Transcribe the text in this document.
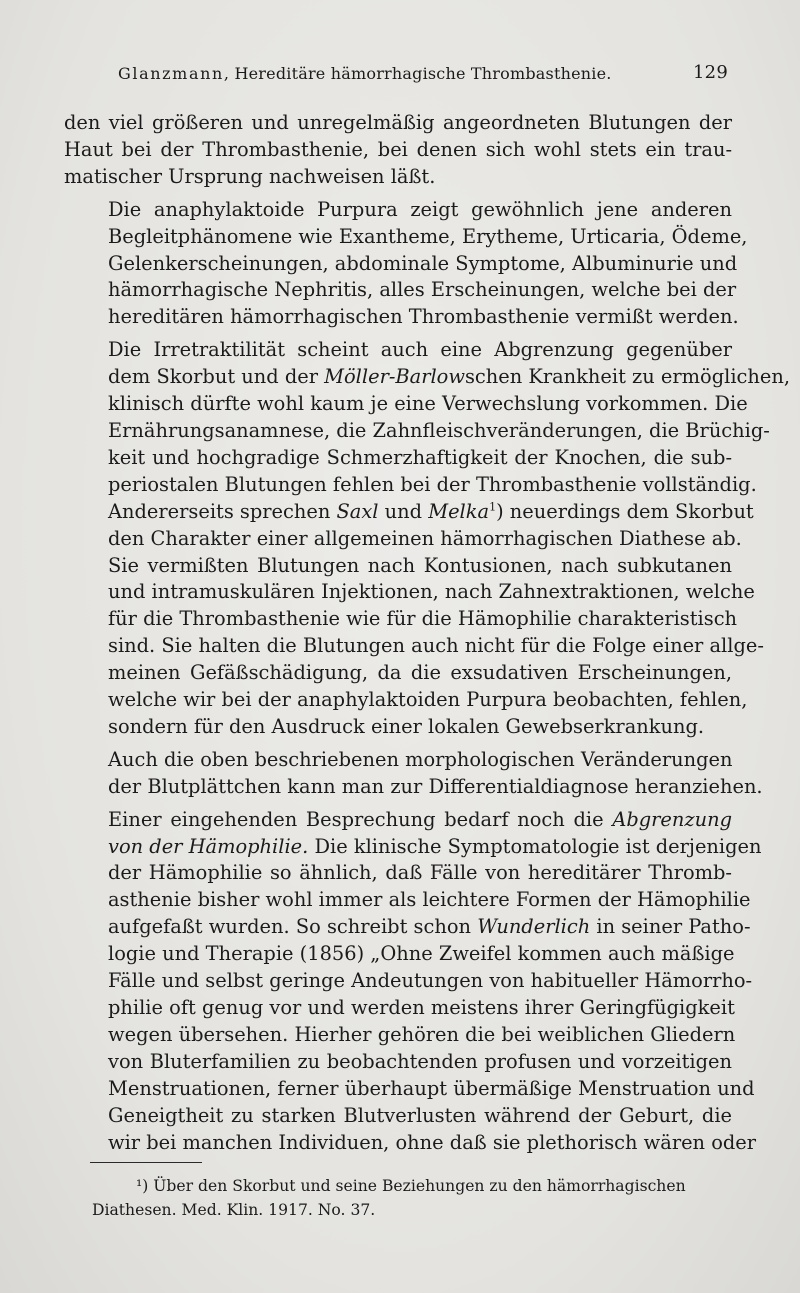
Glanzmann, Hereditäre hämorrhagische Thrombasthenie.	129
den viel größeren und unregelmäßig angeordneten Blutungen der
Haut bei der Thrombasthenie, bei denen sich wohl stets ein trau-
matischer Ursprung nachweisen läßt.
Die anaphylaktoide Purpura zeigt gewöhnlich jene anderen
Begleitphänomene wie Exantheme, Erytheme, Urticaria, Ödeme,
Gelenkerscheinungen, abdominale Symptome, Albuminurie und
hämorrhagische Nephritis, alles Erscheinungen, welche bei der
hereditären hämorrhagischen Thrombasthenie vermißt werden.
Die Irretraktilität scheint auch eine Abgrenzung gegenüber
dem Skorbut und der Möller-Barlowschen Krankheit zu ermöglichen,
klinisch dürfte wohl kaum je eine Verwechslung vorkommen. Die
Ernährungsanamnese, die Zahnfleischveränderungen, die Brüchig-
keit und hochgradige Schmerzhaftigkeit der Knochen, die sub-
periostalen Blutungen fehlen bei der Thrombasthenie vollständig.
Andererseits sprechen Saxl und Melka$^1$) neuerdings dem Skorbut
den Charakter einer allgemeinen hämorrhagischen Diathese ab.
Sie vermißten Blutungen nach Kontusionen, nach subkutanen
und intramuskulären Injektionen, nach Zahnextraktionen, welche
für die Thrombasthenie wie für die Hämophilie charakteristisch
sind. Sie halten die Blutungen auch nicht für die Folge einer allge-
meinen Gefäßschädigung, da die exsudativen Erscheinungen,
welche wir bei der anaphylaktoiden Purpura beobachten, fehlen,
sondern für den Ausdruck einer lokalen Gewebserkrankung.
Auch die oben beschriebenen morphologischen Veränderungen
der Blutplättchen kann man zur Differentialdiagnose heranziehen.
Einer eingehenden Besprechung bedarf noch die Abgrenzung
von der Hämophilie. Die klinische Symptomatologie ist derjenigen
der Hämophilie so ähnlich, daß Fälle von hereditärer Thromb-
asthenie bisher wohl immer als leichtere Formen der Hämophilie
aufgefaßt wurden. So schreibt schon Wunderlich in seiner Patho-
logie und Therapie (1856) „Ohne Zweifel kommen auch mäßige
Fälle und selbst geringe Andeutungen von habitueller Hämorrho-
philie oft genug vor und werden meistens ihrer Geringfügigkeit
wegen übersehen. Hierher gehören die bei weiblichen Gliedern
von Bluterfamilien zu beobachtenden profusen und vorzeitigen
Menstruationen, ferner überhaupt übermäßige Menstruation und
Geneigtheit zu starken Blutverlusten während der Geburt, die
wir bei manchen Individuen, ohne daß sie plethorisch wären oder
¹) Über den Skorbut und seine Beziehungen zu den hämorrhagischen
Diathesen. Med. Klin. 1917. No. 37.
